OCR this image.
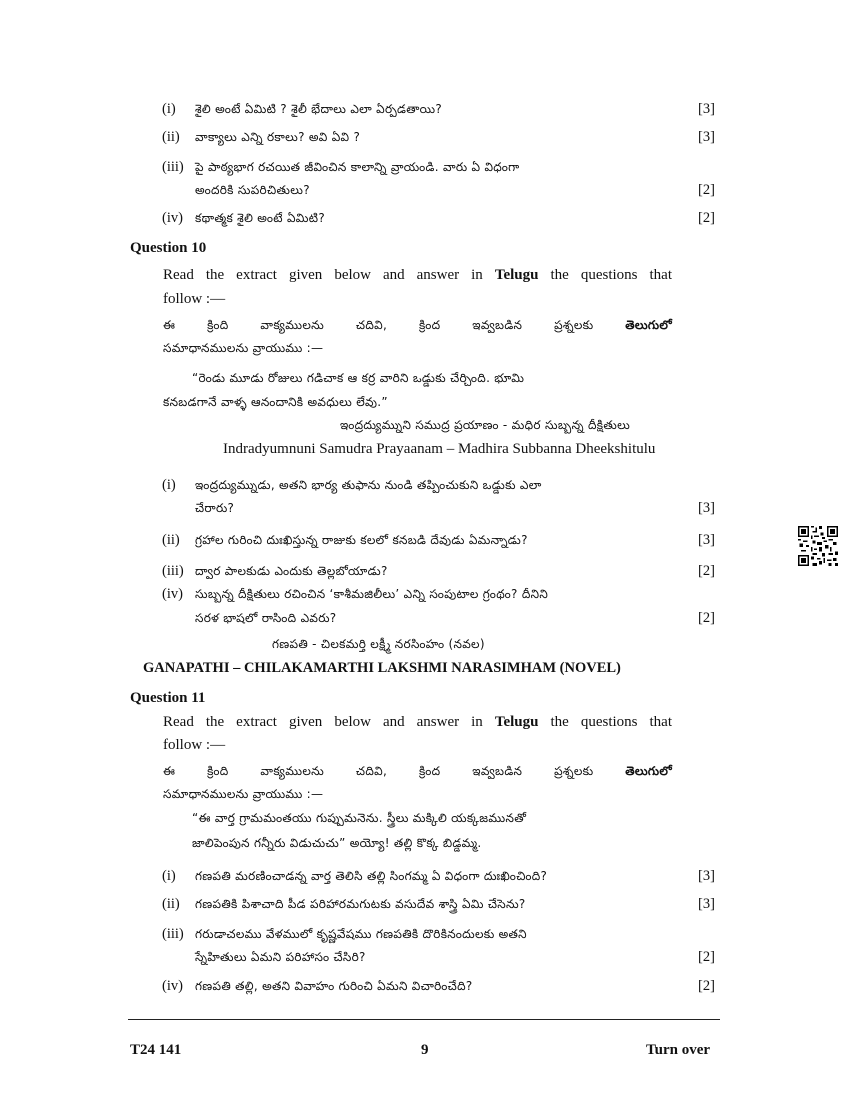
(i) శైలి అంటే ఏమిటి ? శైలీ భేదాలు ఎలా ఏర్పడతాయి?	[3]
(ii) వాక్యాలు ఎన్ని రకాలు? అవి ఏవి ?	[3]
(iii) పై పాఠ్యభాగ రచయిత జీవించిన కాలాన్ని వ్రాయండి. వారు ఏ విధంగా
అందరికి సుపరిచితులు?	[2]
(iv) కథాత్మక శైలి అంటే ఏమిటి?	[2]
Question 10
Read the extract given below and answer in Telugu the questions that
follow :—
ఈ క్రింది వాక్యములను చదివి, క్రింద ఇవ్వబడిన ప్రశ్నలకు	తెలుగులో
సమాధానములను వ్రాయుము :—
“రెండు మూడు రోజులు గడిచాక ఆ కర్ర వారిని ఒడ్డుకు చేర్చింది. భూమి
కనబడగానే వాళ్ళ ఆనందానికి అవధులు లేవు.”
ఇంద్రద్యుమ్నుని సముద్ర ప్రయాణం - మధిర సుబ్బన్న దీక్షితులు
Indradyumnuni Samudra Prayaanam – Madhira Subbanna Dheekshitulu
(i) ఇంద్రద్యుమ్నుడు, అతని భార్య తుఫాను నుండి తప్పించుకుని ఒడ్డుకు ఎలా
చేరారు?	[3]
(ii) గ్రహాల గురించి దుఃఖిస్తున్న రాజుకు కలలో కనబడి దేవుడు ఏమన్నాడు?	[3]
(iii) ద్వార పాలకుడు ఎందుకు తెల్లబోయాడు?	[2]
(iv) సుబ్బన్న దీక్షితులు రచించిన ‘కాశీమజిలీలు’ ఎన్ని సంపుటాల గ్రంథం? దీనిని
సరళ భాషలో రాసింది ఎవరు?	[2]
గణపతి - చిలకమర్తి లక్ష్మీ నరసింహం (నవల)
GANAPATHI – CHILAKAMARTHI LAKSHMI NARASIMHAM (NOVEL)
Question 11
Read the extract given below and answer in Telugu the questions that
follow :—
ఈ క్రింది వాక్యములను చదివి, క్రింద ఇవ్వబడిన ప్రశ్నలకు	తెలుగులో
సమాధానములను వ్రాయుము :—
“ఈ వార్త గ్రామమంతయు గుప్పుమనెను. స్త్రీలు మక్కిలి యక్కజమునతో
జాలిపెంపున గన్నీరు విడుచుచు” అయ్యో! తల్లి కొక్క బిడ్డమ్మ.
(i) గణపతి మరణించాడన్న వార్త తెలిసి తల్లి సింగమ్మ ఏ విధంగా దుఃఖించింది?	[3]
(ii) గణపతికి పిశాచాది పీడ పరిహారమగుటకు వసుదేవ శాస్త్రి ఏమి చేసెను?	[3]
(iii) గరుడాచలము వేళములో కృష్ణవేషము గణపతికి దొరికినందులకు అతని
స్నేహితులు ఏమని పరిహాసం చేసిరి?	[2]
(iv) గణపతి తల్లి, అతని వివాహం గురించి ఏమని విచారించేది?	[2]
T24 141	9	Turn over
